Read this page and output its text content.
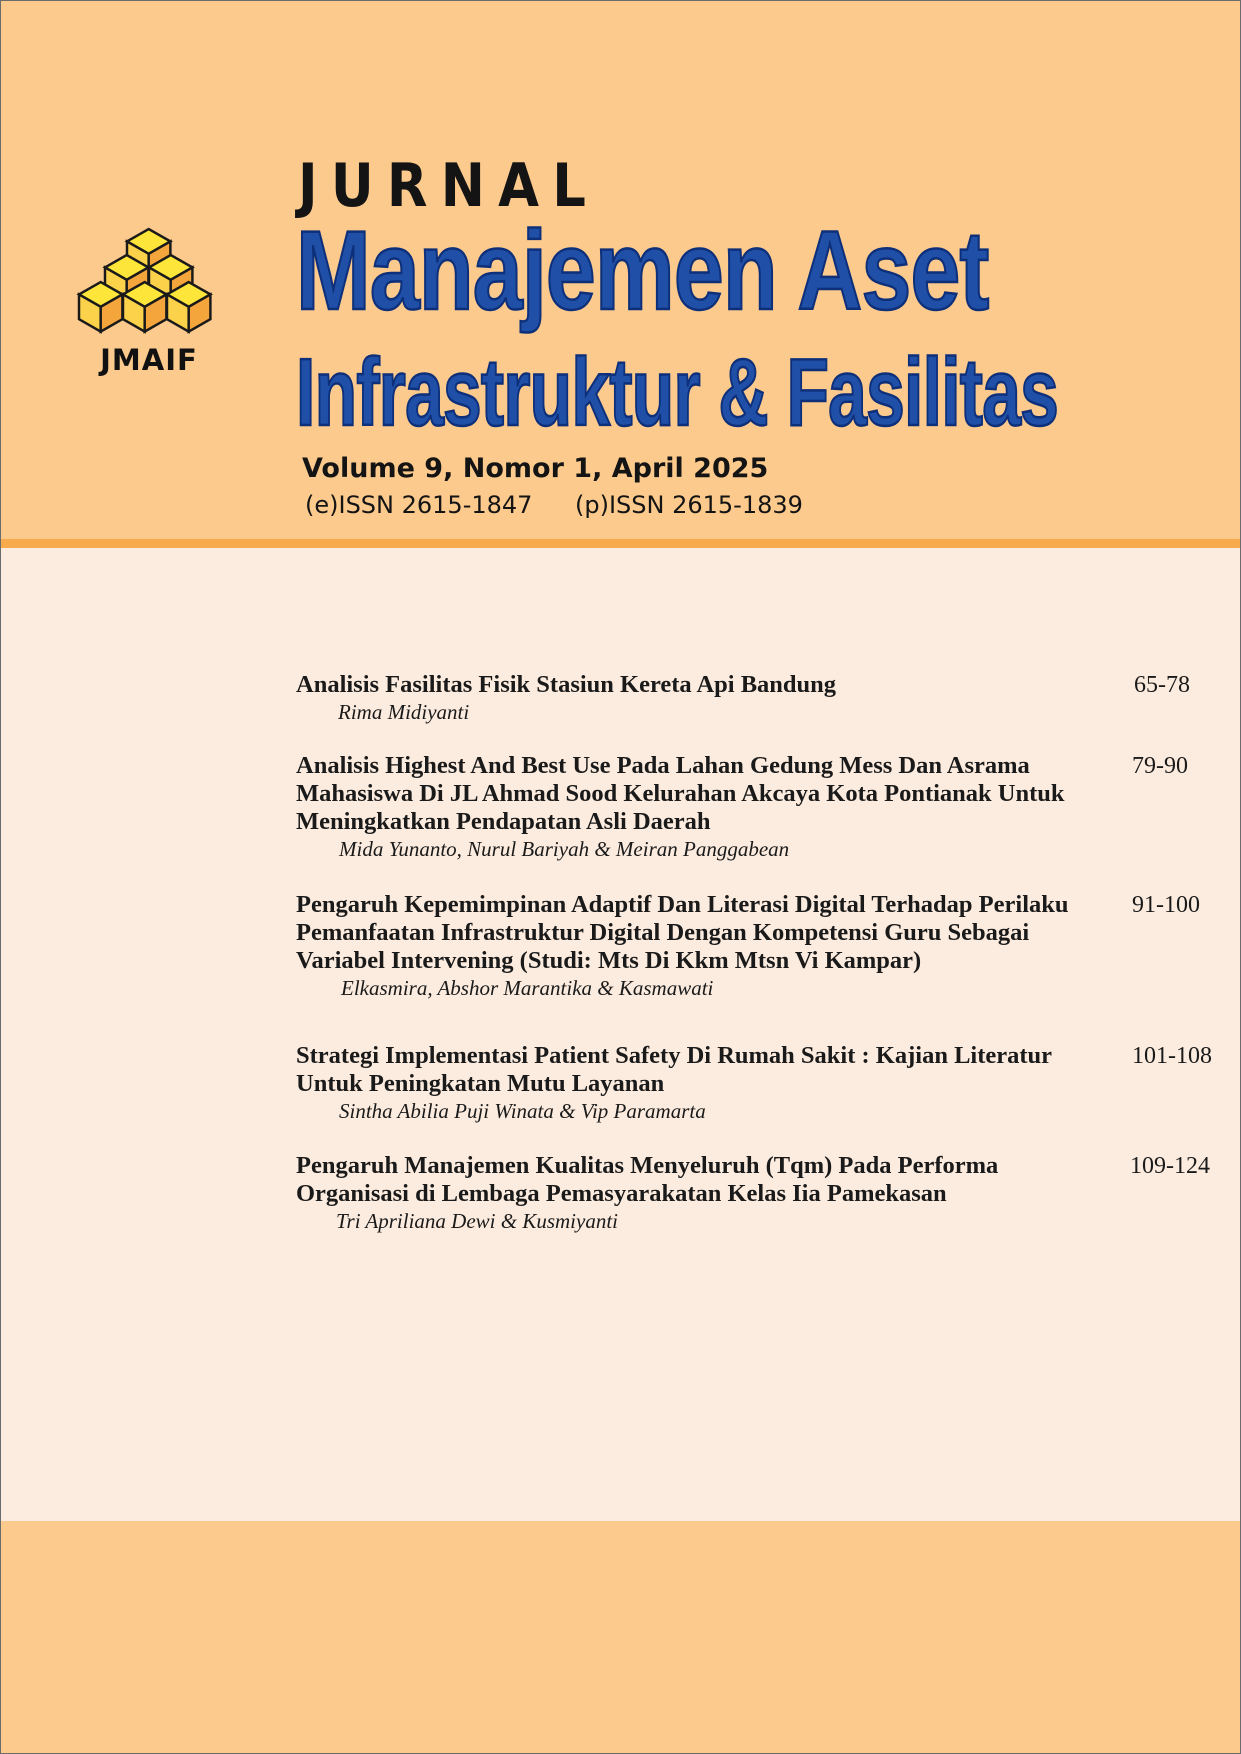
JMAIF
JURNAL
Manajemen Aset
Infrastruktur & Fasilitas
Volume 9, Nomor 1, April 2025
(e)ISSN 2615-1847 (p)ISSN 2615-1839
Analisis Fasilitas Fisik Stasiun Kereta Api Bandung
Rima Midiyanti
65-78
Analisis Highest And Best Use Pada Lahan Gedung Mess Dan Asrama Mahasiswa Di JL Ahmad Sood Kelurahan Akcaya Kota Pontianak Untuk Meningkatkan Pendapatan Asli Daerah
Mida Yunanto, Nurul Bariyah & Meiran Panggabean
79-90
Pengaruh Kepemimpinan Adaptif Dan Literasi Digital Terhadap Perilaku Pemanfaatan Infrastruktur Digital Dengan Kompetensi Guru Sebagai Variabel Intervening (Studi: Mts Di Kkm Mtsn Vi Kampar)
Elkasmira, Abshor Marantika & Kasmawati
91-100
Strategi Implementasi Patient Safety Di Rumah Sakit : Kajian Literatur Untuk Peningkatan Mutu Layanan
Sintha Abilia Puji Winata & Vip Paramarta
101-108
Pengaruh Manajemen Kualitas Menyeluruh (Tqm) Pada Performa Organisasi di Lembaga Pemasyarakatan Kelas Iia Pamekasan
Tri Apriliana Dewi & Kusmiyanti
109-124
